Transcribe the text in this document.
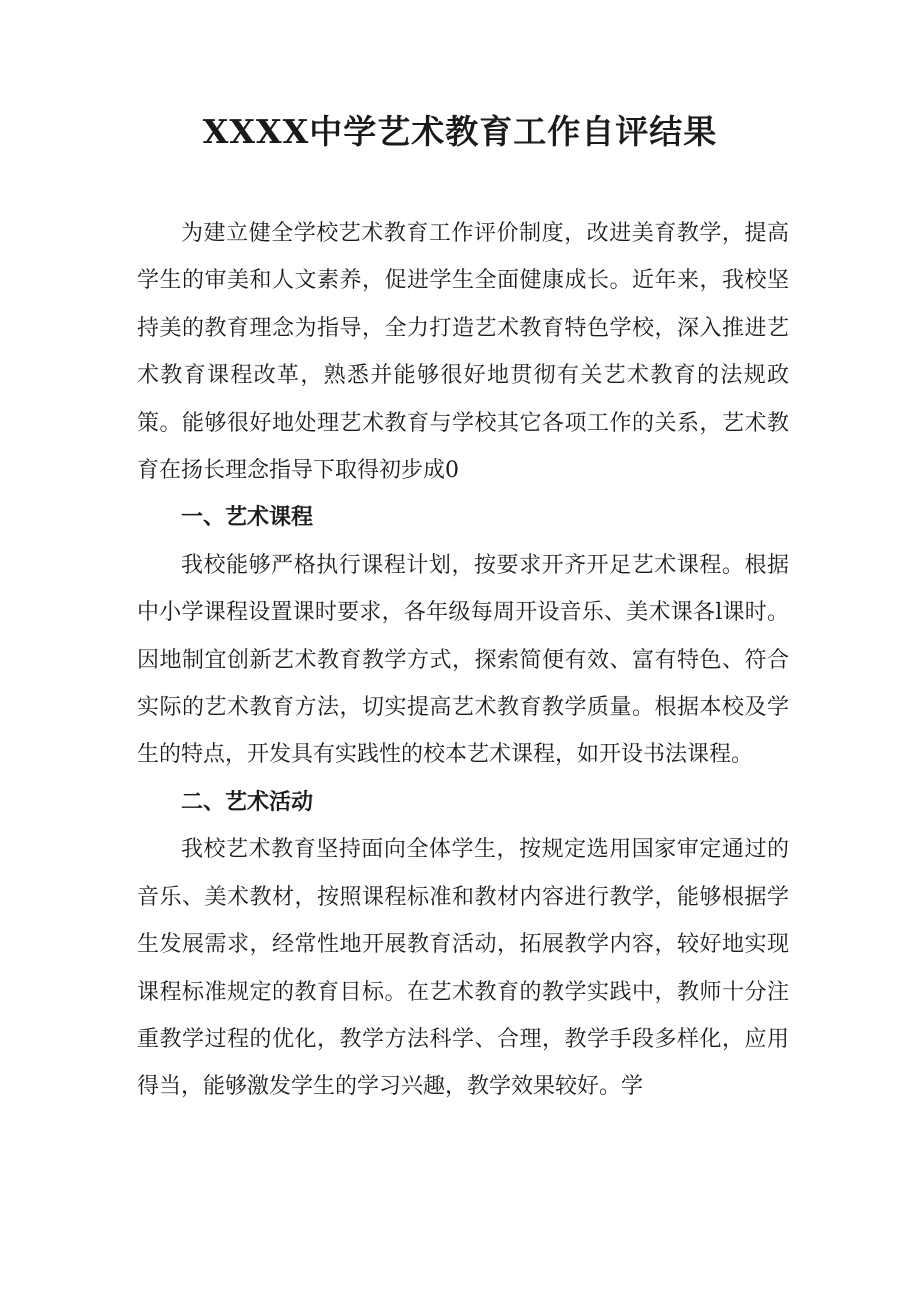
XXXX中学艺术教育工作自评结果

为建立健全学校艺术教育工作评价制度，改进美育教学，提高学生的审美和人文素养，促进学生全面健康成长。近年来，我校坚持美的教育理念为指导，全力打造艺术教育特色学校，深入推进艺术教育课程改革，熟悉并能够很好地贯彻有关艺术教育的法规政策。能够很好地处理艺术教育与学校其它各项工作的关系，艺术教育在扬长理念指导下取得初步成0

一、艺术课程

我校能够严格执行课程计划，按要求开齐开足艺术课程。根据中小学课程设置课时要求，各年级每周开设音乐、美术课各l课时。因地制宜创新艺术教育教学方式，探索简便有效、富有特色、符合实际的艺术教育方法，切实提高艺术教育教学质量。根据本校及学生的特点，开发具有实践性的校本艺术课程，如开设书法课程。

二、艺术活动

我校艺术教育坚持面向全体学生，按规定选用国家审定通过的音乐、美术教材，按照课程标准和教材内容进行教学，能够根据学生发展需求，经常性地开展教育活动，拓展教学内容，较好地实现课程标准规定的教育目标。在艺术教育的教学实践中，教师十分注重教学过程的优化，教学方法科学、合理，教学手段多样化，应用得当，能够激发学生的学习兴趣，教学效果较好。学
